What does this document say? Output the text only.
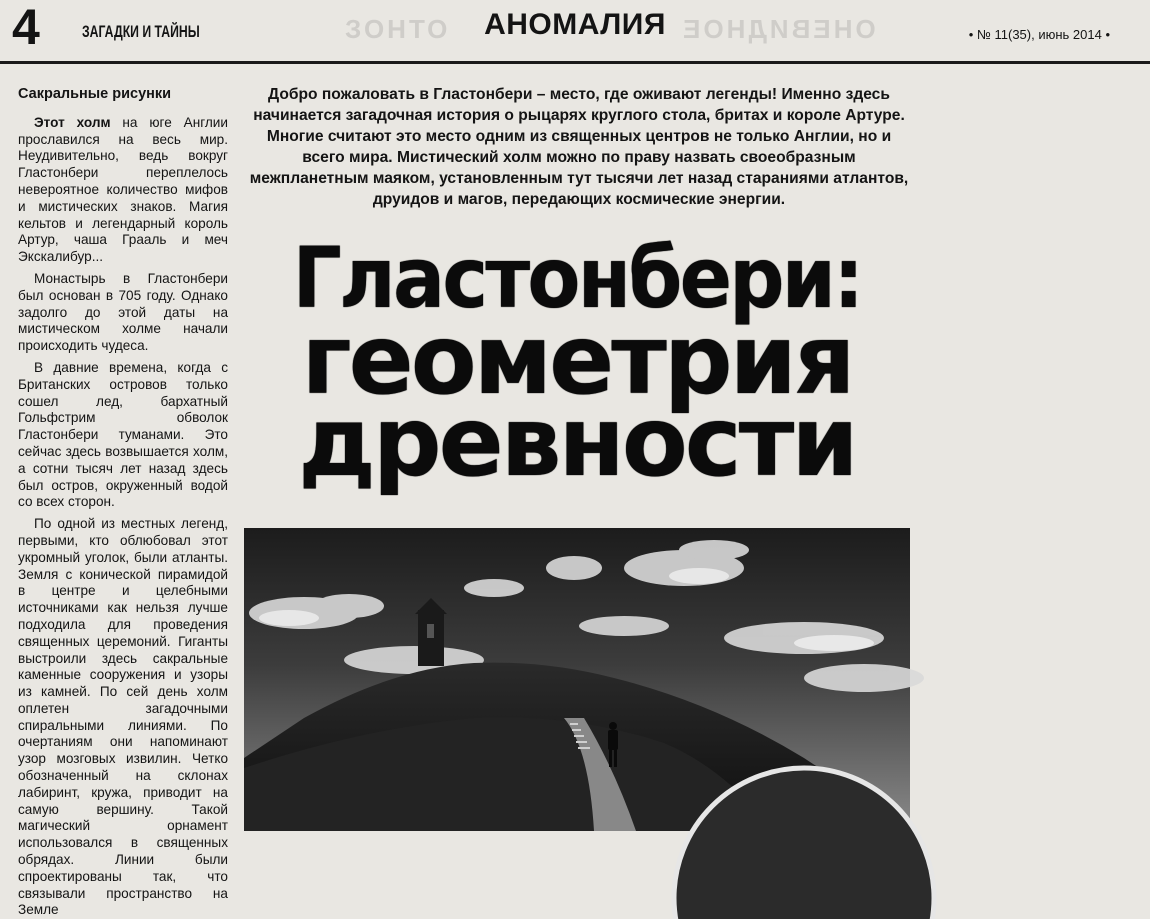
4	ЗАГАДКИ И ТАЙНЫ	ЗОНТО	ОНЕВИДНОЕ
АНОМАЛИЯ	• № 11(35), июнь 2014 •
Сакральные рисунки

Этот холм на юге Англии прославился на весь мир. Неудивительно, ведь вокруг Гластонбери переплелось невероятное количество мифов и мистических знаков. Магия кельтов и легендарный король Артур, чаша Грааль и меч Экскалибур...

Монастырь в Гластонбери был основан в 705 году. Однако задолго до этой даты на мистическом холме начали происходить чудеса.

В давние времена, когда с Британских островов только сошел лед, бархатный Гольфстрим обволок Гластонбери туманами. Это сейчас здесь возвышается холм, а сотни тысяч лет назад здесь был остров, окруженный водой со всех сторон.

По одной из местных легенд, первыми, кто облюбовал этот укромный уголок, были атланты. Земля с конической пирамидой в центре и целебными источниками как нельзя лучше подходила для проведения священных церемоний. Гиганты выстроили здесь сакральные каменные сооружения и узоры из камней. По сей день холм оплетен загадочными спиральными линиями. По очертаниям они напоминают узор мозговых извилин. Четко обозначенный на склонах лабиринт, кружа, приводит на самую вершину. Такой магический орнамент использовался в священных обрядах. Линии были спроектированы так, что связывали пространство на Земле

Добро пожаловать в Гластонбери – место, где оживают легенды! Именно здесь начинается загадочная история о рыцарях круглого стола, бритах и короле Артуре. Многие считают это место одним из священных центров не только Англии, но и всего мира. Мистический холм можно по праву назвать своеобразным межпланетным маяком, установленным тут тысячи лет назад стараниями атлантов, друидов и магов, передающих космические энергии.
Гластонбери:
геометрия
древности
